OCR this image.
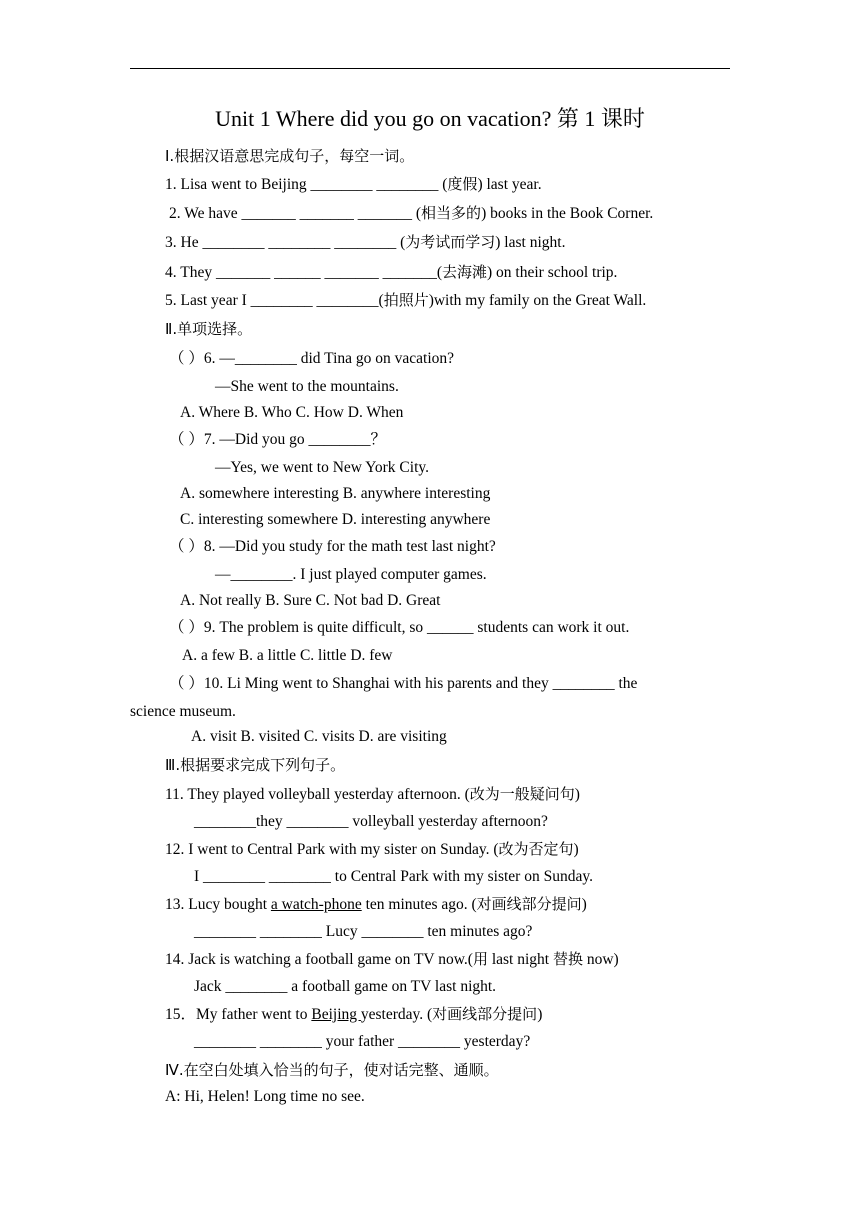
Unit 1 Where did you go on vacation? 第 1 课时
Ⅰ.根据汉语意思完成句子，每空一词。
1. Lisa went to Beijing ________ ________ (度假) last year.
2. We have _______ _______ _______ (相当多的) books in the Book Corner.
3. He ________ ________ ________ (为考试而学习) last night.
4. They _______ ______ _______ _______(去海滩) on their school trip.
5. Last year I ________ ________(拍照片)with my family on the Great Wall.
Ⅱ.单项选择。
（ ）6. —________ did Tina go on vacation?
—She went to the mountains.
A. Where B. Who C. How D. When
（ ）7. —Did you go ________？
—Yes, we went to New York City.
A. somewhere interesting B. anywhere interesting
C. interesting somewhere D. interesting anywhere
（ ）8. —Did you study for the math test last night?
—________. I just played computer games.
A. Not really B. Sure C. Not bad D. Great
（ ）9. The problem is quite difficult, so ______ students can work it out.
A. a few B. a little C. little D. few
（ ）10. Li Ming went to Shanghai with his parents and they ________ the
science museum.
A. visit B. visited C. visits D. are visiting
Ⅲ.根据要求完成下列句子。
11. They played volleyball yesterday afternoon. (改为一般疑问句)
________they ________ volleyball yesterday afternoon?
12. I went to Central Park with my sister on Sunday. (改为否定句)
I ________ ________ to Central Park with my sister on Sunday.
13. Lucy bought a watch-phone ten minutes ago. (对画线部分提问)
________ ________ Lucy ________ ten minutes ago?
14. Jack is watching a football game on TV now.(用 last night 替换 now)
Jack ________ a football game on TV last night.
15．My father went to Beijing yesterday. (对画线部分提问)
________ ________ your father ________ yesterday?
Ⅳ.在空白处填入恰当的句子，使对话完整、通顺。
A: Hi, Helen! Long time no see.
